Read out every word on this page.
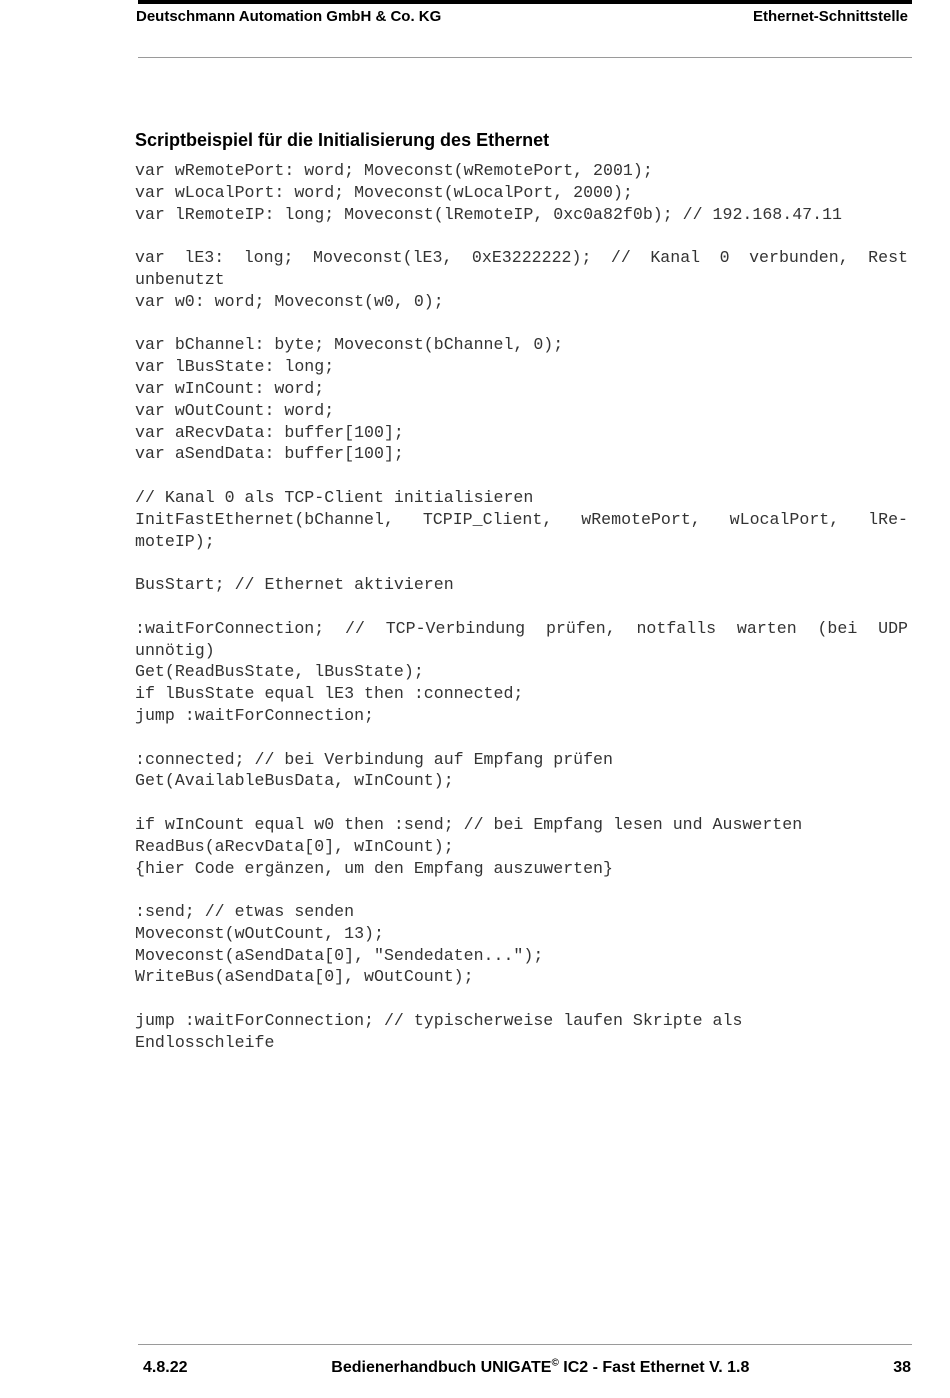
Deutschmann Automation GmbH & Co. KG	Ethernet-Schnittstelle
Scriptbeispiel für die Initialisierung des Ethernet
var wRemotePort: word; Moveconst(wRemotePort, 2001);
var wLocalPort: word; Moveconst(wLocalPort, 2000);
var lRemoteIP: long; Moveconst(lRemoteIP, 0xc0a82f0b); // 192.168.47.11
var lE3: long; Moveconst(lE3, 0xE3222222); // Kanal 0 verbunden, Rest
unbenutzt
var w0: word; Moveconst(w0, 0);
var bChannel: byte; Moveconst(bChannel, 0);
var lBusState: long;
var wInCount: word;
var wOutCount: word;
var aRecvData: buffer[100];
var aSendData: buffer[100];
// Kanal 0 als TCP-Client initialisieren
InitFastEthernet(bChannel, TCPIP_Client, wRemotePort, wLocalPort, lRe-
moteIP);
BusStart; // Ethernet aktivieren
:waitForConnection; // TCP-Verbindung prüfen, notfalls warten (bei UDP
unnötig)
Get(ReadBusState, lBusState);
if lBusState equal lE3 then :connected;
jump :waitForConnection;
:connected; // bei Verbindung auf Empfang prüfen
Get(AvailableBusData, wInCount);
if wInCount equal w0 then :send; // bei Empfang lesen und Auswerten
ReadBus(aRecvData[0], wInCount);
{hier Code ergänzen, um den Empfang auszuwerten}
:send; // etwas senden
Moveconst(wOutCount, 13);
Moveconst(aSendData[0], "Sendedaten...");
WriteBus(aSendData[0], wOutCount);
jump :waitForConnection; // typischerweise laufen Skripte als
Endlosschleife
4.8.22	Bedienerhandbuch UNIGATE© IC2 - Fast Ethernet V. 1.8	38
